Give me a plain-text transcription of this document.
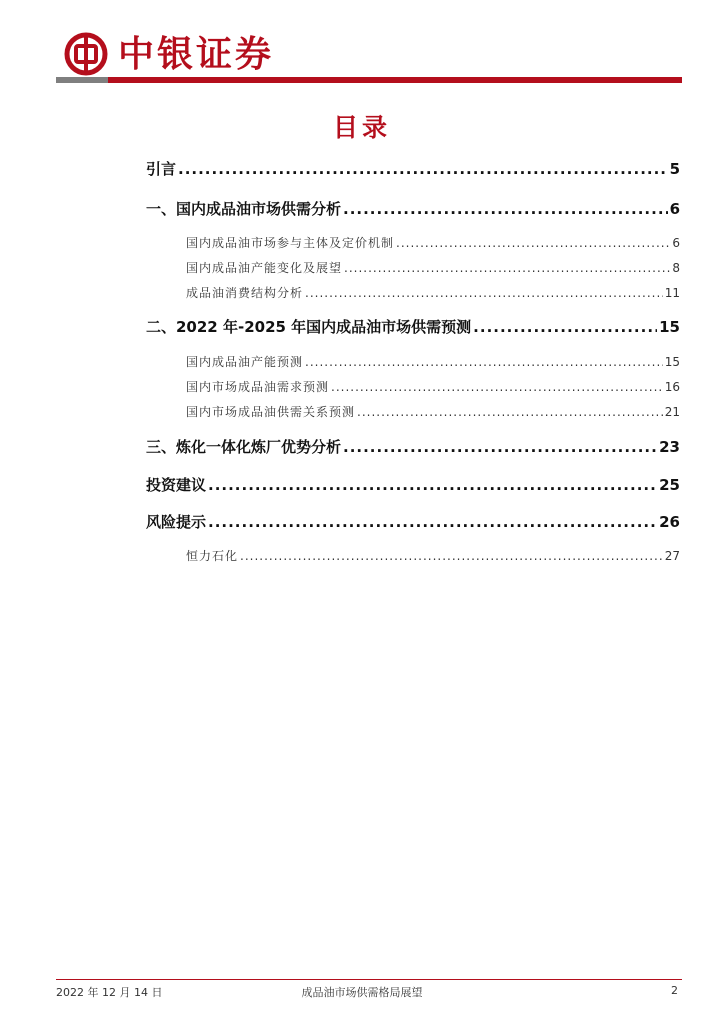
中银证券
目录
引言 .....	5
一、国内成品油市场供需分析 .....	6
国内成品油市场参与主体及定价机制 .....	6
国内成品油产能变化及展望 .....	8
成品油消费结构分析 .....	11
二、2022 年-2025 年国内成品油市场供需预测 .....	15
国内成品油产能预测 .....	15
国内市场成品油需求预测 .....	16
国内市场成品油供需关系预测 .....	21
三、炼化一体化炼厂优势分析 .....	23
投资建议 .....	25
风险提示 .....	26
恒力石化 .....	27
2022 年 12 月 14 日	成品油市场供需格局展望	2
